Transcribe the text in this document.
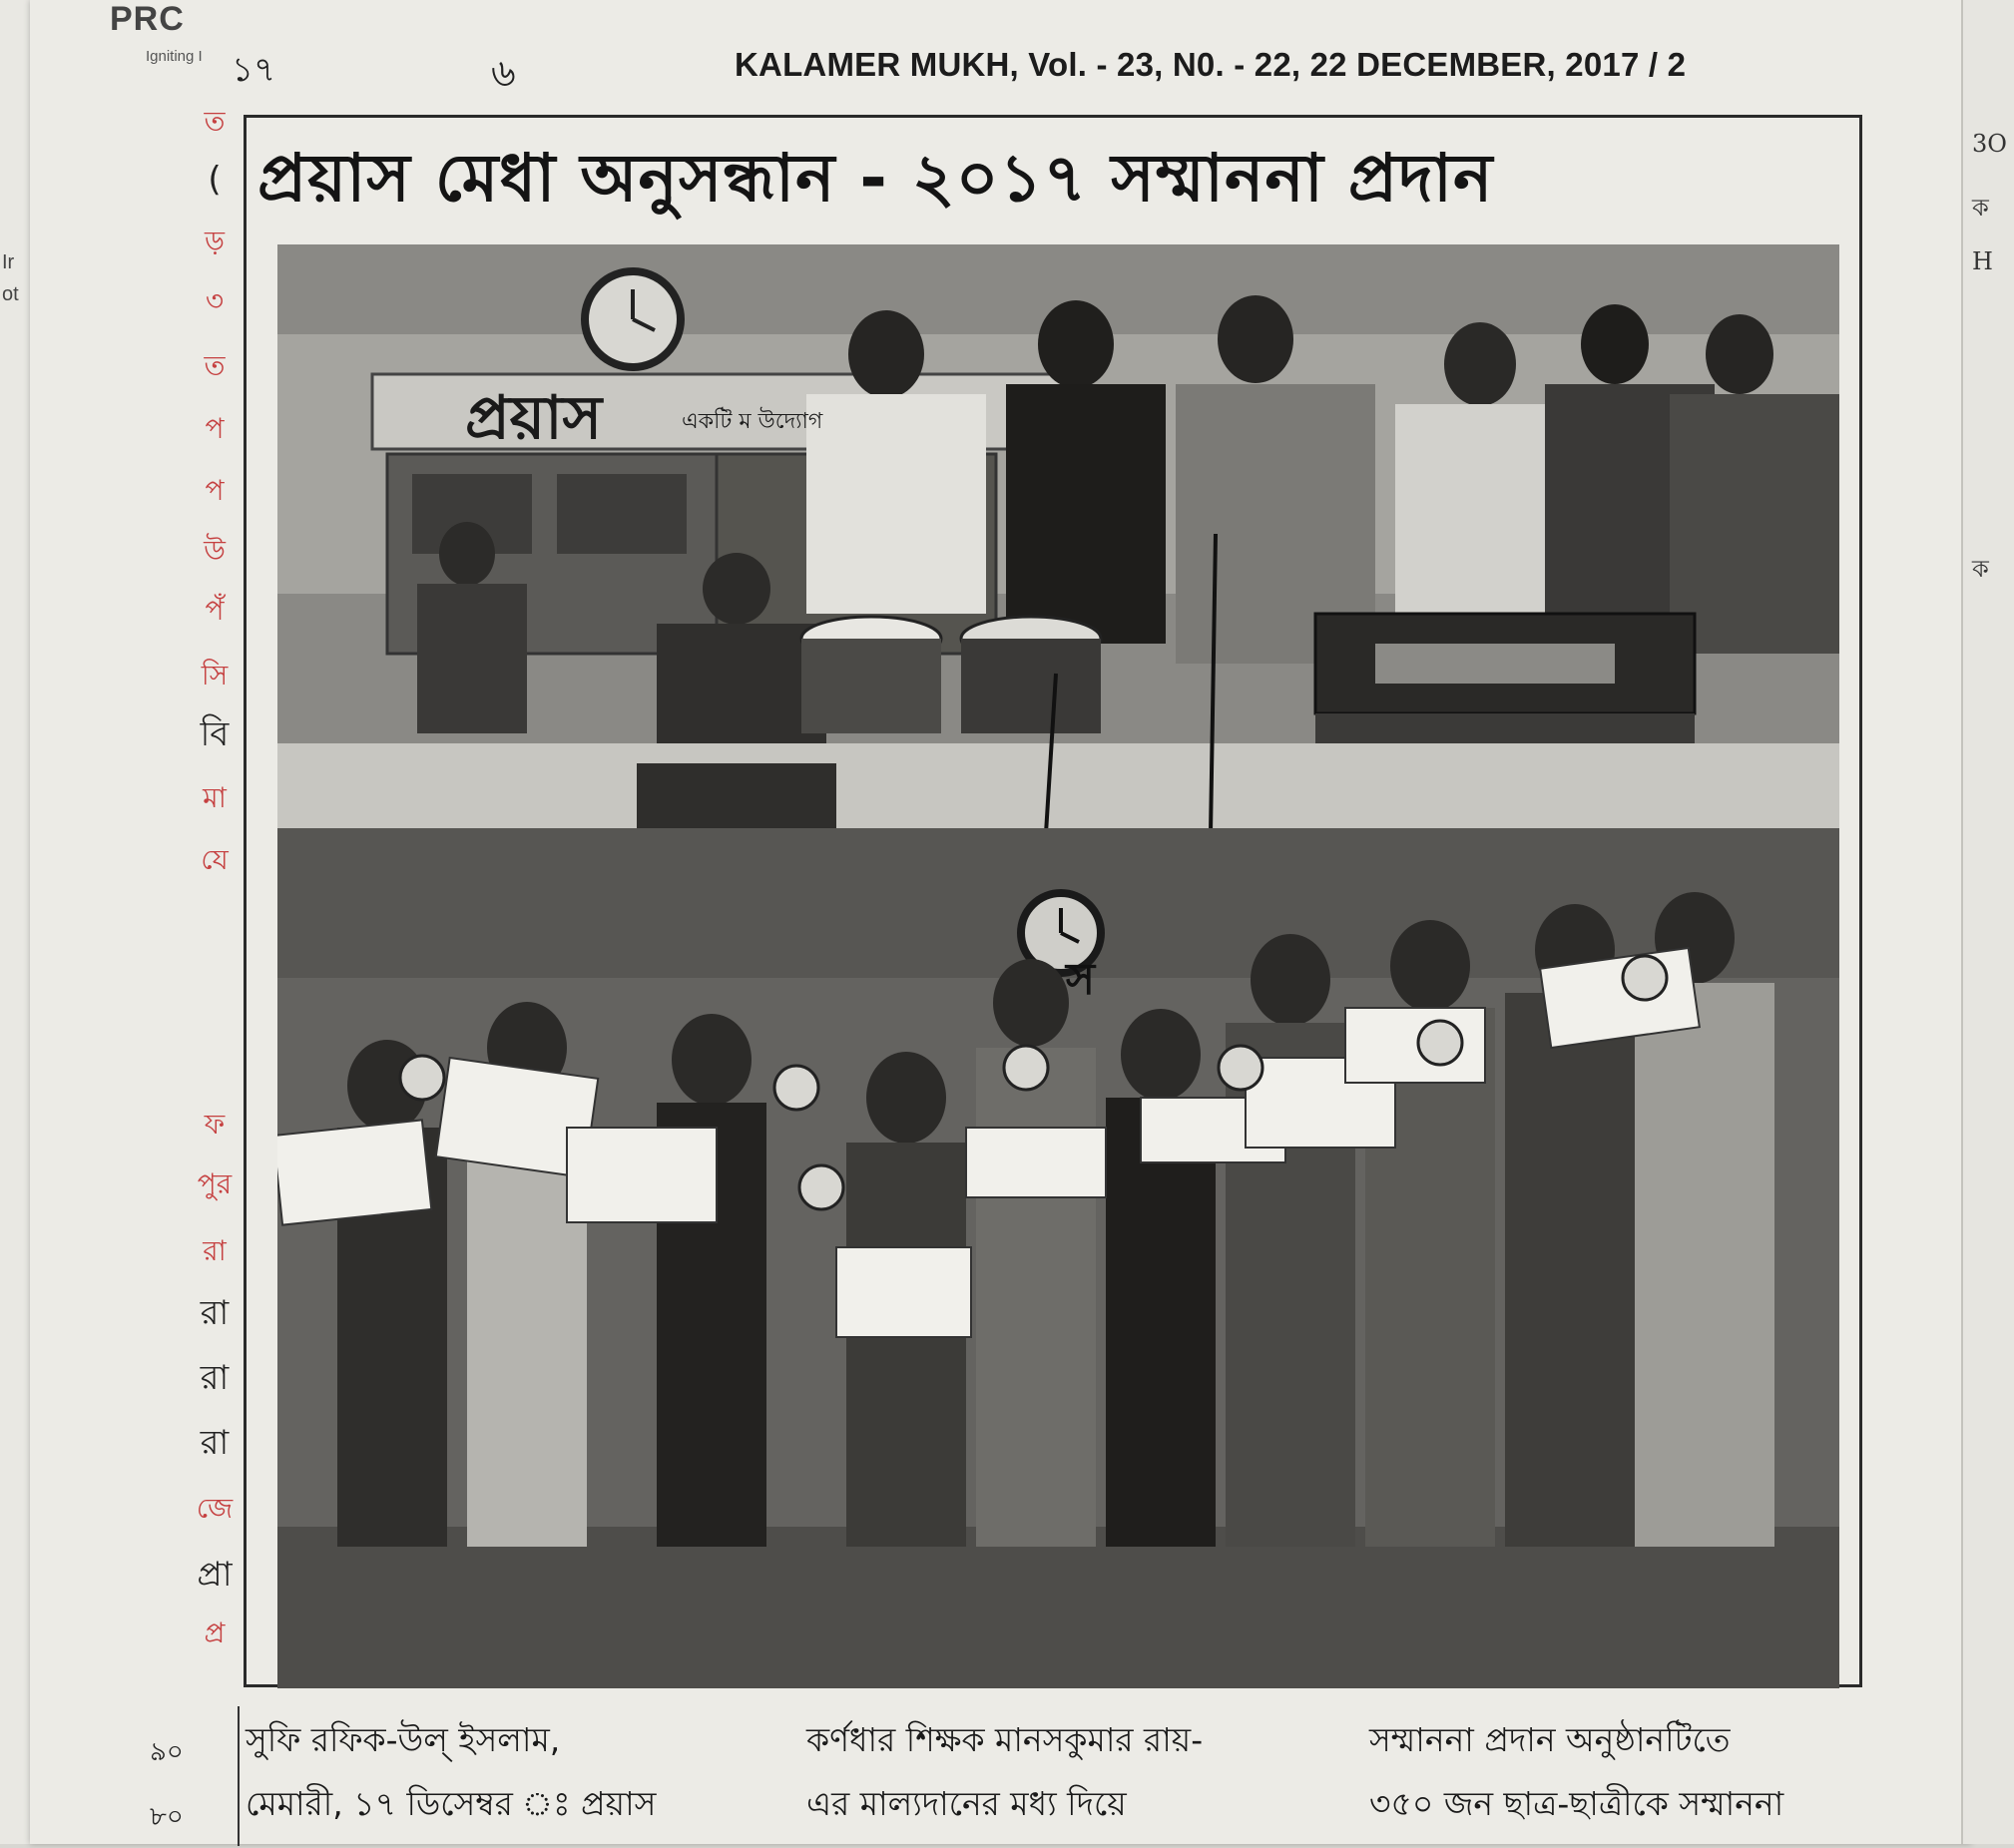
Ir
ot
3O
ক
H
ক
PRC
Igniting I ১৭	৬	KALAMER MUKH, Vol. - 23, N0. - 22, 22 DECEMBER, 2017 / 2
প্রয়াস মেধা অনুসন্ধান - ২০১৭ সম্মাননা প্রদান
প্রয়াস	একটি ম উদ্যোগ
স
ত
(
ড়
৩
ত
প
প
উ
পঁ
সি
বি
মা
যে
ফ
পুর
রা
রা
রা
রা
জে
প্রা
প্র
৯০
৮০
সুফি রফিক-উল্ ইসলাম,
মেমারী, ১৭ ডিসেম্বর ঃ প্রয়াস
কর্ণধার শিক্ষক মানসকুমার রায়-
এর মাল্যদানের মধ্য দিয়ে
সম্মাননা প্রদান অনুষ্ঠানটিতে
৩৫০ জন ছাত্র-ছাত্রীকে সম্মাননা
